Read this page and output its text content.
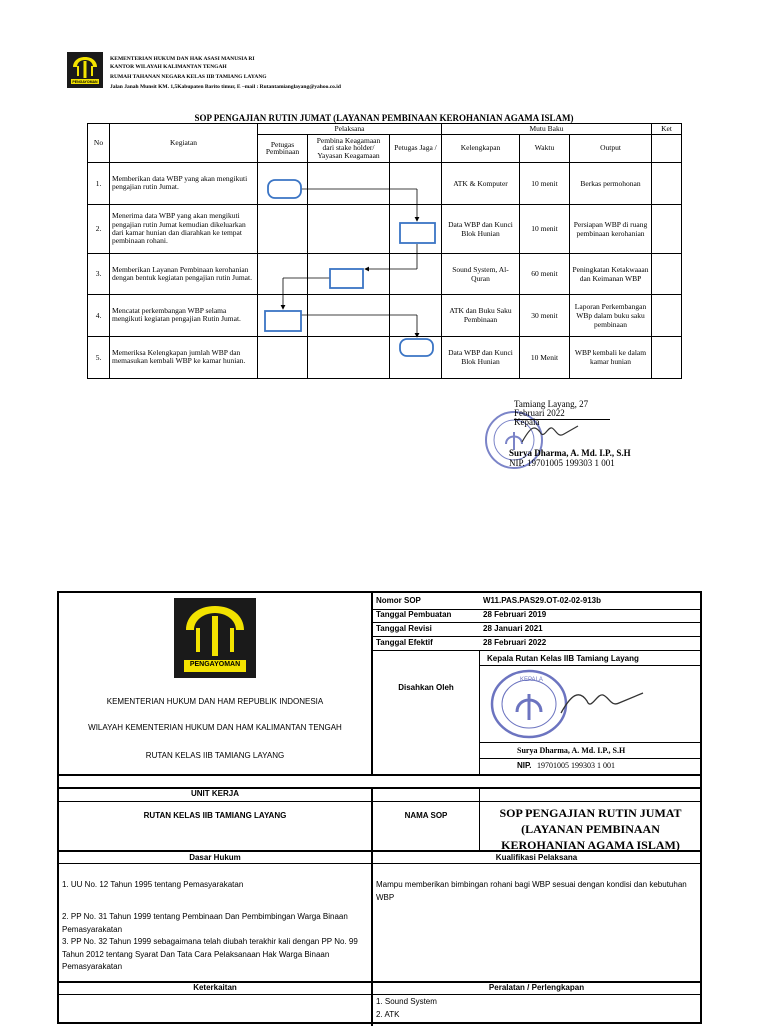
PENGAYOMAN
KEMENTERIAN HUKUM DAN HAK ASASI MANUSIA RI
KANTOR WILAYAH KALIMANTAN TENGAH
RUMAH TAHANAN NEGARA KELAS IIB TAMIANG LAYANG
Jalan Janah Munsit KM. 1,5Kabupaten Barito timur, E –mail : Rutantamianglayang@yahoo.co.id
SOP PENGAJIAN RUTIN JUMAT (LAYANAN PEMBINAAN KEROHANIAN AGAMA ISLAM)
No	Kegiatan	Pelaksana			Mutu Baku			Ket
		Petugas Pembinaan	Pembina Keagamaan dari stake holder/ Yayasan Keagamaan	Petugas Jaga /	Kelengkapan	Waktu	Output	
1.	Memberikan data WBP yang akan mengikuti pengajian rutin Jumat.				ATK & Komputer	10 menit	Berkas permohonan	
2.	Menerima data WBP yang akan mengikuti pengajian rutin Jumat kemudian dikeluarkan dari kamar hunian dan diarahkan ke tempat pembinaan rohani.				Data WBP dan Kunci Blok Hunian	10 menit	Persiapan WBP di ruang pembinaan kerohanian	
3.	Memberikan Layanan Pembinaan kerohanian dengan bentuk kegiatan pengajian rutin Jumat.				Sound System, Al-Quran	60 menit	Peningkatan Ketakwaaan dan Keimanan WBP	
4.	Mencatat perkembangan WBP selama mengikuti kegiatan pengajian Rutin Jumat.				ATK dan Buku Saku Pembinaan	30 menit	Laporan Perkembangan WBp dalam buku saku pembinaan	
5.	Memeriksa Kelengkapan jumlah WBP dan memasukan kembali WBP ke kamar hunian.				Data WBP dan Kunci Blok Hunian	10 Menit	WBP kembali ke dalam kamar hunian	
Tamiang Layang, 27
Februari 2022
Kepala
Surya Dharma, A. Md. I.P., S.H
NIP. 19701005 199303 1 001
PENGAYOMAN
KEMENTERIAN HUKUM DAN HAM REPUBLIK INDONESIA
WILAYAH KEMENTERIAN HUKUM DAN HAM KALIMANTAN TENGAH
RUTAN KELAS IIB TAMIANG LAYANG
Nomor SOP	W11.PAS.PAS29.OT-02-02-913b
Tanggal Pembuatan	28 Februari 2019
Tanggal Revisi	28 Januari 2021
Tanggal Efektif	28 Februari 2022
Kepala Rutan Kelas IIB Tamiang Layang
Disahkan Oleh
KEPALA
Surya Dharma, A. Md. I.P., S.H
NIP. 19701005 199303 1 001
UNIT KERJA
RUTAN KELAS IIB TAMIANG LAYANG	NAMA SOP	SOP PENGAJIAN RUTIN JUMAT
(LAYANAN PEMBINAAN
KEROHANIAN AGAMA ISLAM)
Dasar Hukum	Kualifikasi Pelaksana
1. UU No. 12 Tahun 1995 tentang Pemasyarakatan
2. PP No. 31 Tahun 1999 tentang Pembinaan Dan Pembimbingan Warga Binaan Pemasyarakatan
3. PP No. 32 Tahun 1999 sebagaimana telah diubah terakhir kali dengan PP No. 99 Tahun 2012 tentang Syarat Dan Tata Cara Pelaksanaan Hak Warga Binaan Pemasyarakatan
Mampu memberikan bimbingan rohani bagi WBP sesuai dengan kondisi dan kebutuhan WBP
Keterkaitan	Peralatan / Perlengkapan
1. Sound System
2. ATK
